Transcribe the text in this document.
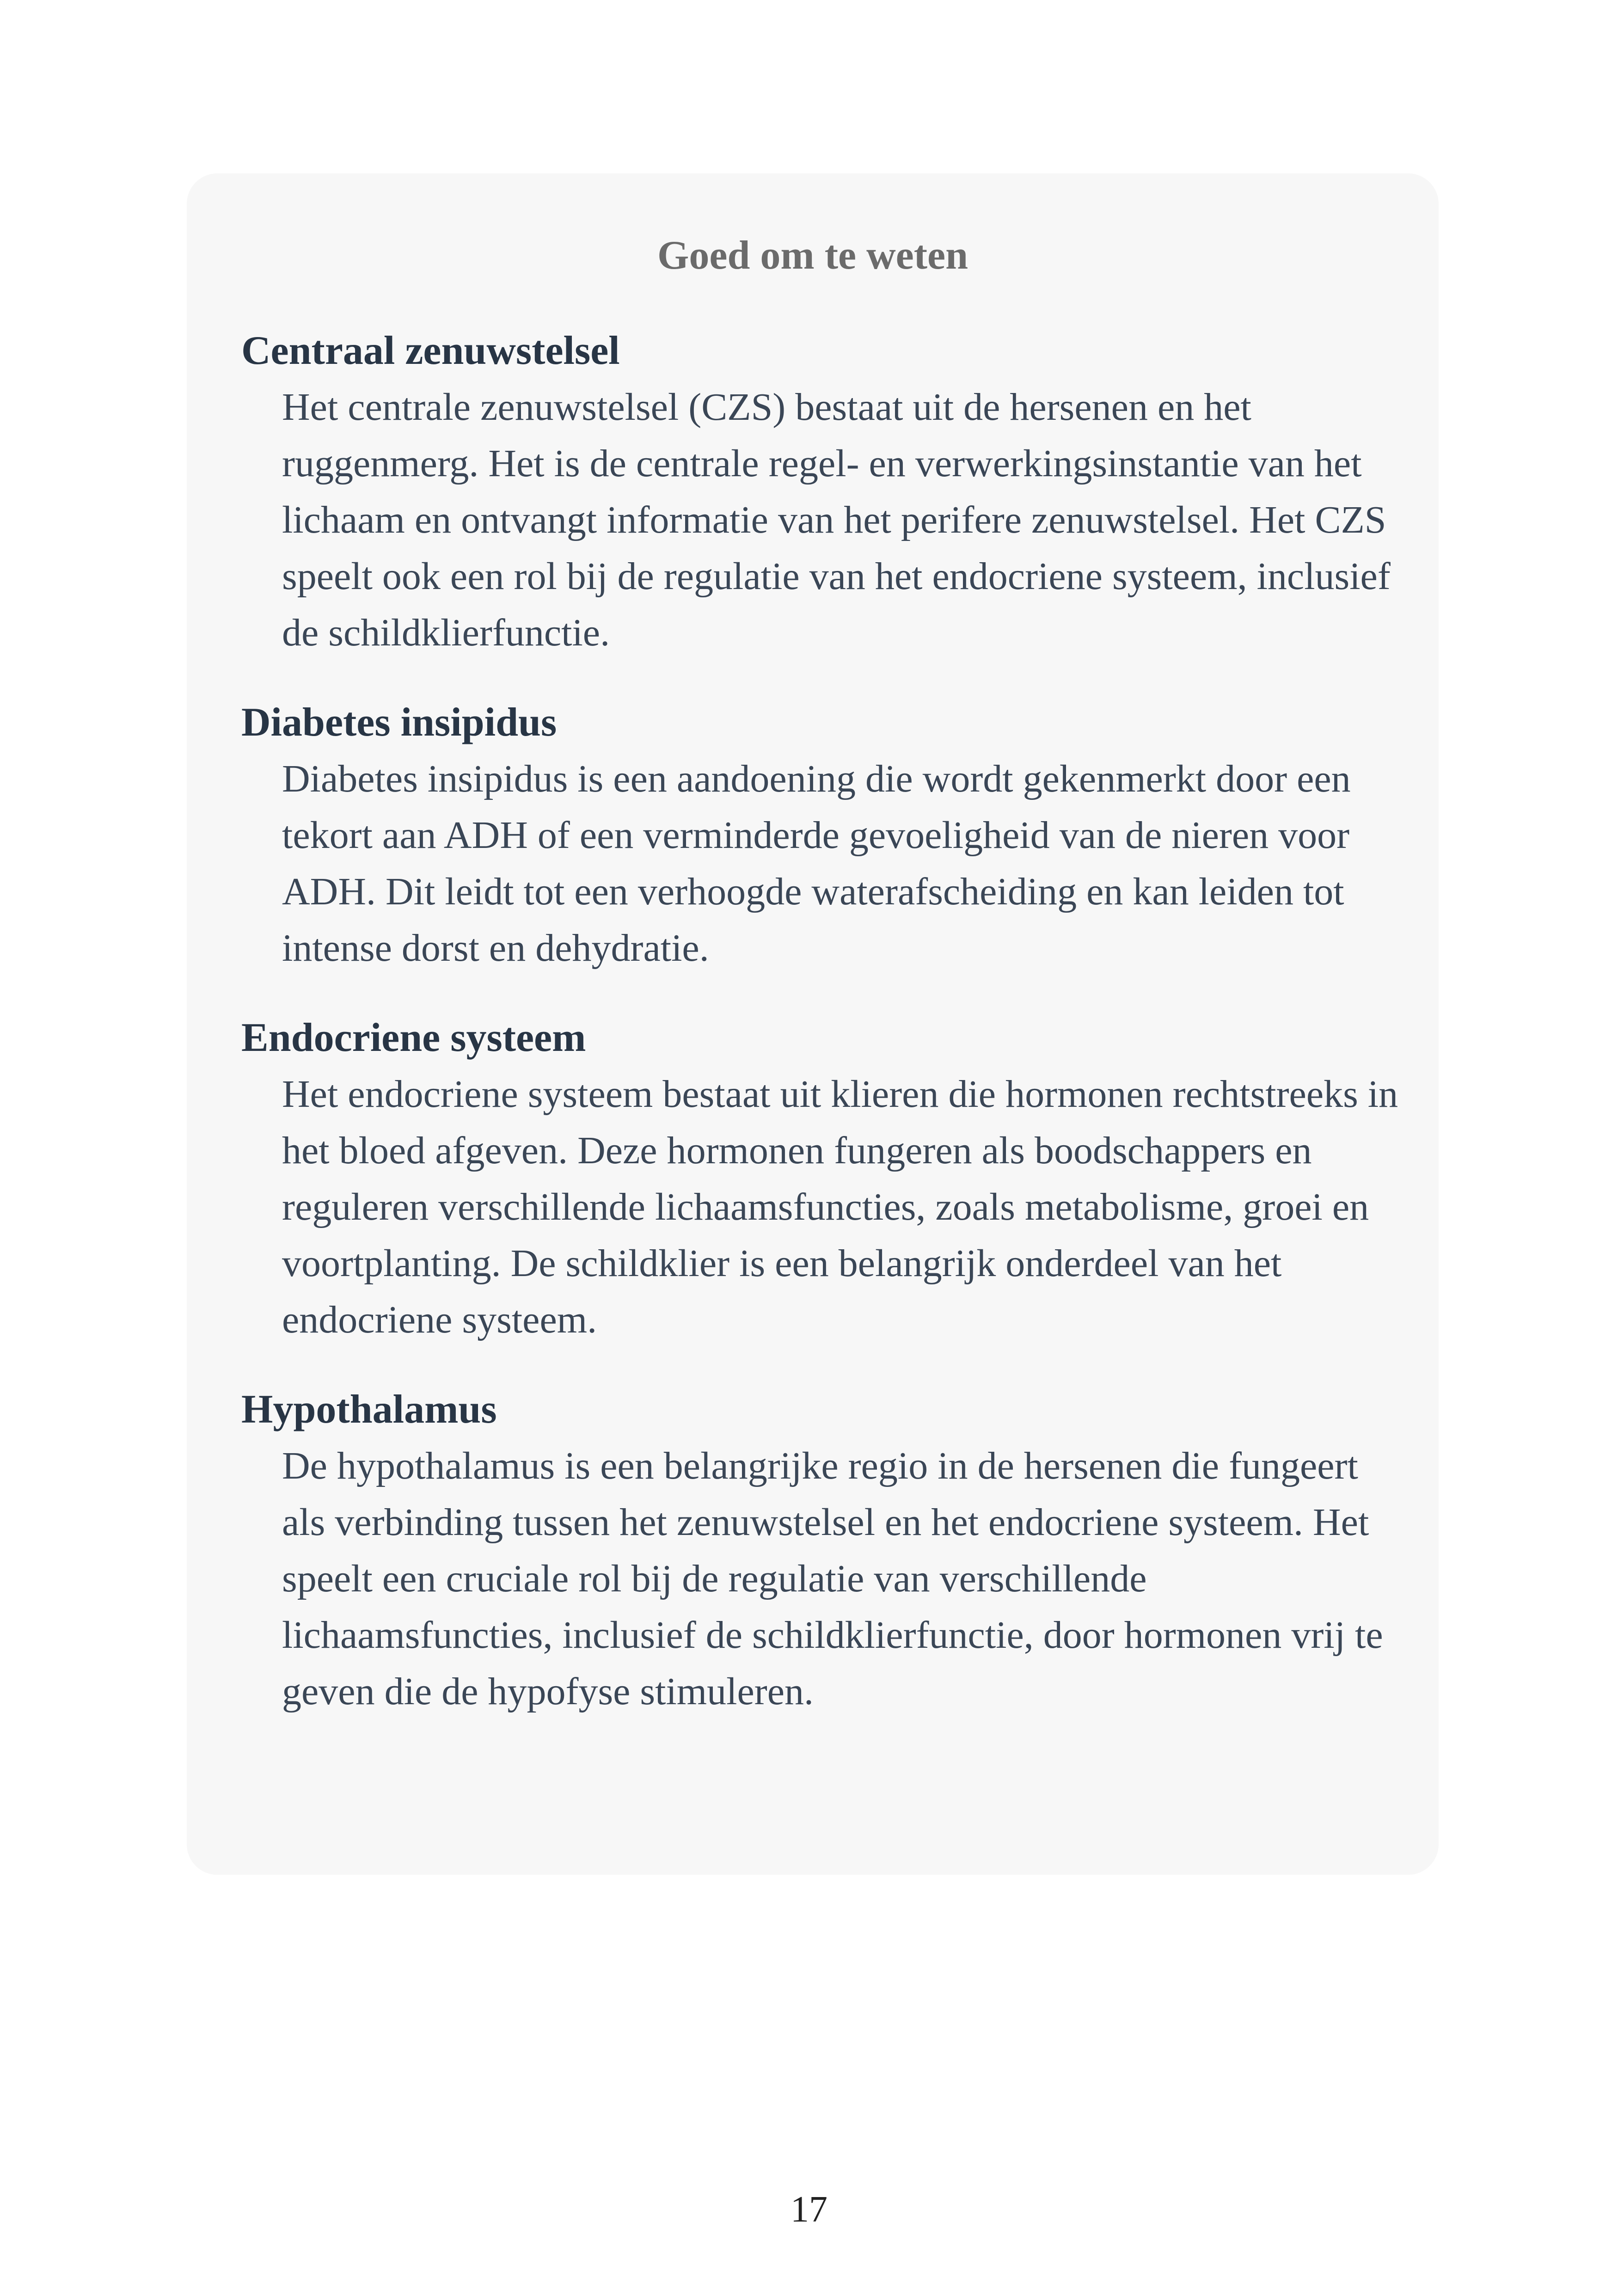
Goed om te weten

Centraal zenuwstelsel

Het centrale zenuwstelsel (CZS) bestaat uit de hersenen en het ruggenmerg. Het is de centrale regel- en verwerkingsinstantie van het lichaam en ontvangt informatie van het perifere zenuwstelsel. Het CZS speelt ook een rol bij de regulatie van het endocriene systeem, inclusief de schildklierfunctie.

Diabetes insipidus

Diabetes insipidus is een aandoening die wordt gekenmerkt door een tekort aan ADH of een verminderde gevoeligheid van de nieren voor ADH. Dit leidt tot een verhoogde waterafscheiding en kan leiden tot intense dorst en dehydratie.

Endocriene systeem

Het endocriene systeem bestaat uit klieren die hormonen rechtstreeks in het bloed afgeven. Deze hormonen fungeren als boodschappers en reguleren verschillende lichaamsfuncties, zoals metabolisme, groei en voortplanting. De schildklier is een belangrijk onderdeel van het endocriene systeem.

Hypothalamus

De hypothalamus is een belangrijke regio in de hersenen die fungeert als verbinding tussen het zenuwstelsel en het endocriene systeem. Het speelt een cruciale rol bij de regulatie van verschillende lichaamsfuncties, inclusief de schildklierfunctie, door hormonen vrij te geven die de hypofyse stimuleren.

17
